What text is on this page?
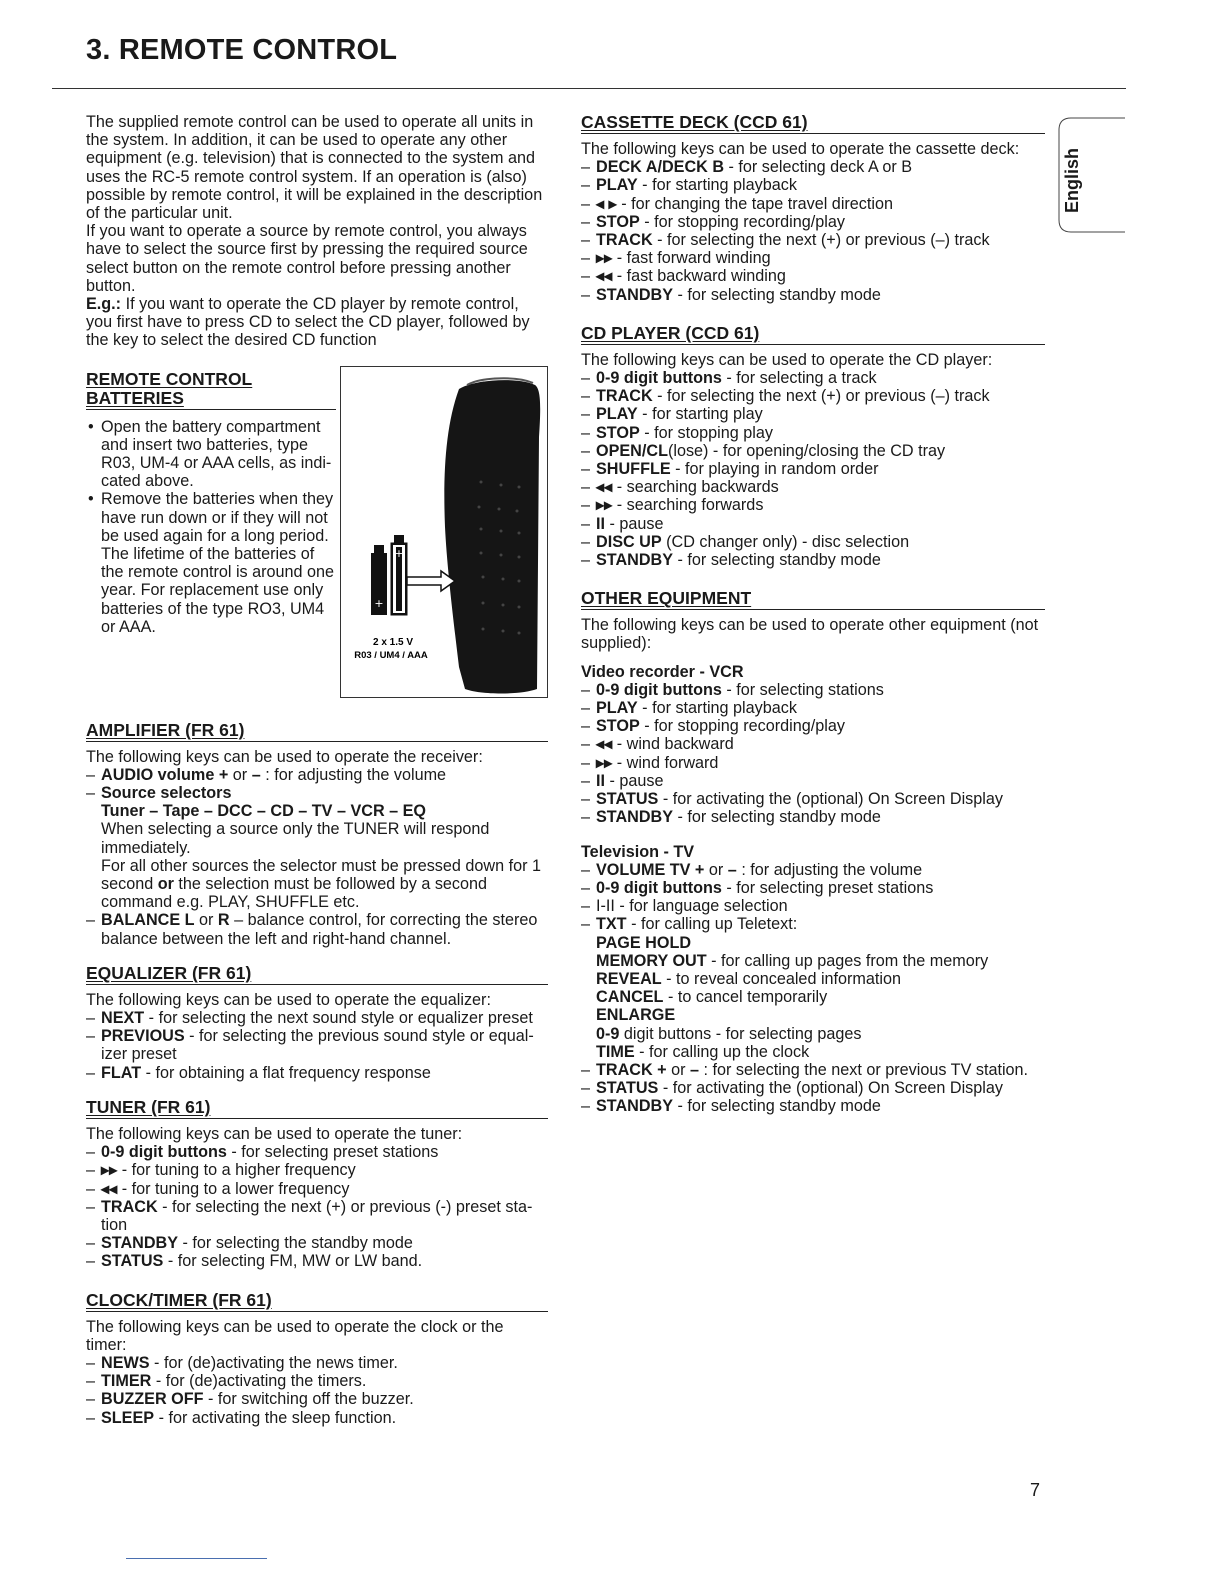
3. REMOTE CONTROL

The supplied remote control can be used to operate all units in the system. In addition, it can be used to operate any other equipment (e.g. television) that is connected to the system and uses the RC-5 remote control system. If an operation is (also) possible by remote control, it will be explained in the description of the particular unit.

If you want to operate a source by remote control, you always have to select the source first by pressing the required source select button on the remote control before pressing another button.

E.g.: If you want to operate the CD player by remote control, you first have to press CD to select the CD player, followed by the key to select the desired CD function

REMOTE CONTROL BATTERIES
• Open the battery compartment and insert two batteries, type R03, UM-4 or AAA cells, as indi-cated above.
• Remove the batteries when they have run down or if they will not be used again for a long period.

The lifetime of the batteries of the remote control is around one year. For replacement use only batteries of the type RO3, UM4 or AAA.

+
+
2 x 1.5 V
R03 / UM4 / AAA
AMPLIFIER (FR 61)

The following keys can be used to operate the receiver:

– AUDIO volume + or – : for adjusting the volume
– Source selectors
Tuner – Tape – DCC – CD – TV – VCR – EQ
When selecting a source only the TUNER will respond immediately.
For all other sources the selector must be pressed down for 1 second or the selection must be followed by a second command e.g. PLAY, SHUFFLE etc.
– BALANCE L or R – balance control, for correcting the stereo balance between the left and right-hand channel.
EQUALIZER (FR 61)

The following keys can be used to operate the equalizer:

– NEXT - for selecting the next sound style or equalizer preset
– PREVIOUS - for selecting the previous sound style or equal-izer preset
– FLAT - for obtaining a flat frequency response
TUNER (FR 61)

The following keys can be used to operate the tuner:

– 0-9 digit buttons - for selecting preset stations
– ▸▸ - for tuning to a higher frequency
– ◂◂ - for tuning to a lower frequency
– TRACK - for selecting the next (+) or previous (-) preset sta-tion
– STANDBY - for selecting the standby mode
– STATUS - for selecting FM, MW or LW band.
CLOCK/TIMER (FR 61)

The following keys can be used to operate the clock or the timer:

– NEWS - for (de)activating the news timer.
– TIMER - for (de)activating the timers.
– BUZZER OFF - for switching off the buzzer.
– SLEEP - for activating the sleep function.
CASSETTE DECK (CCD 61)

The following keys can be used to operate the cassette deck:

– DECK A/DECK B - for selecting deck A or B
– PLAY - for starting playback
– ◂ ▸ - for changing the tape travel direction
– STOP - for stopping recording/play
– TRACK - for selecting the next (+) or previous (–) track
– ▸▸ - fast forward winding
– ◂◂ - fast backward winding
– STANDBY - for selecting standby mode
CD PLAYER (CCD 61)

The following keys can be used to operate the CD player:

– 0-9 digit buttons - for selecting a track
– TRACK - for selecting the next (+) or previous (–) track
– PLAY - for starting play
– STOP - for stopping play
– OPEN/CL(lose) - for opening/closing the CD tray
– SHUFFLE - for playing in random order
– ◂◂ - searching backwards
– ▸▸ - searching forwards
– II - pause
– DISC UP (CD changer only) - disc selection
– STANDBY - for selecting standby mode
OTHER EQUIPMENT

The following keys can be used to operate other equipment (not supplied):

Video recorder - VCR

– 0-9 digit buttons - for selecting stations
– PLAY - for starting playback
– STOP - for stopping recording/play
– ◂◂ - wind backward
– ▸▸ - wind forward
– II - pause
– STATUS - for activating the (optional) On Screen Display
– STANDBY - for selecting standby mode

Television - TV

– VOLUME TV + or – : for adjusting the volume
– 0-9 digit buttons - for selecting preset stations
– I-II - for language selection
– TXT - for calling up Teletext:
PAGE HOLD
MEMORY OUT - for calling up pages from the memory
REVEAL - to reveal concealed information
CANCEL - to cancel temporarily
ENLARGE
0-9 digit buttons - for selecting pages
TIME - for calling up the clock
– TRACK + or – : for selecting the next or previous TV station.
– STATUS - for activating the (optional) On Screen Display
– STANDBY - for selecting standby mode
English
7
